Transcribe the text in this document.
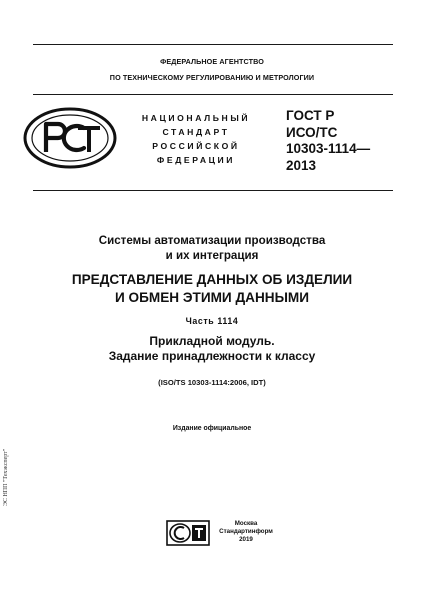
ФЕДЕРАЛЬНОЕ АГЕНТСТВО
ПО ТЕХНИЧЕСКОМУ РЕГУЛИРОВАНИЮ И МЕТРОЛОГИИ
НАЦИОНАЛЬНЫЙ
СТАНДАРТ
РОССИЙСКОЙ
ФЕДЕРАЦИИ
ГОСТ Р
ИСО/ТС
10303-1114—
2013
Системы автоматизации производства
и их интеграция
ПРЕДСТАВЛЕНИЕ ДАННЫХ ОБ ИЗДЕЛИИ
И ОБМЕН ЭТИМИ ДАННЫМИ
Часть 1114
Прикладной модуль.
Задание принадлежности к классу
(ISO/TS 10303-1114:2006, IDT)
Издание официальное
Москва
Стандартинформ
2019
ЭС НПП "Техэксперт"
